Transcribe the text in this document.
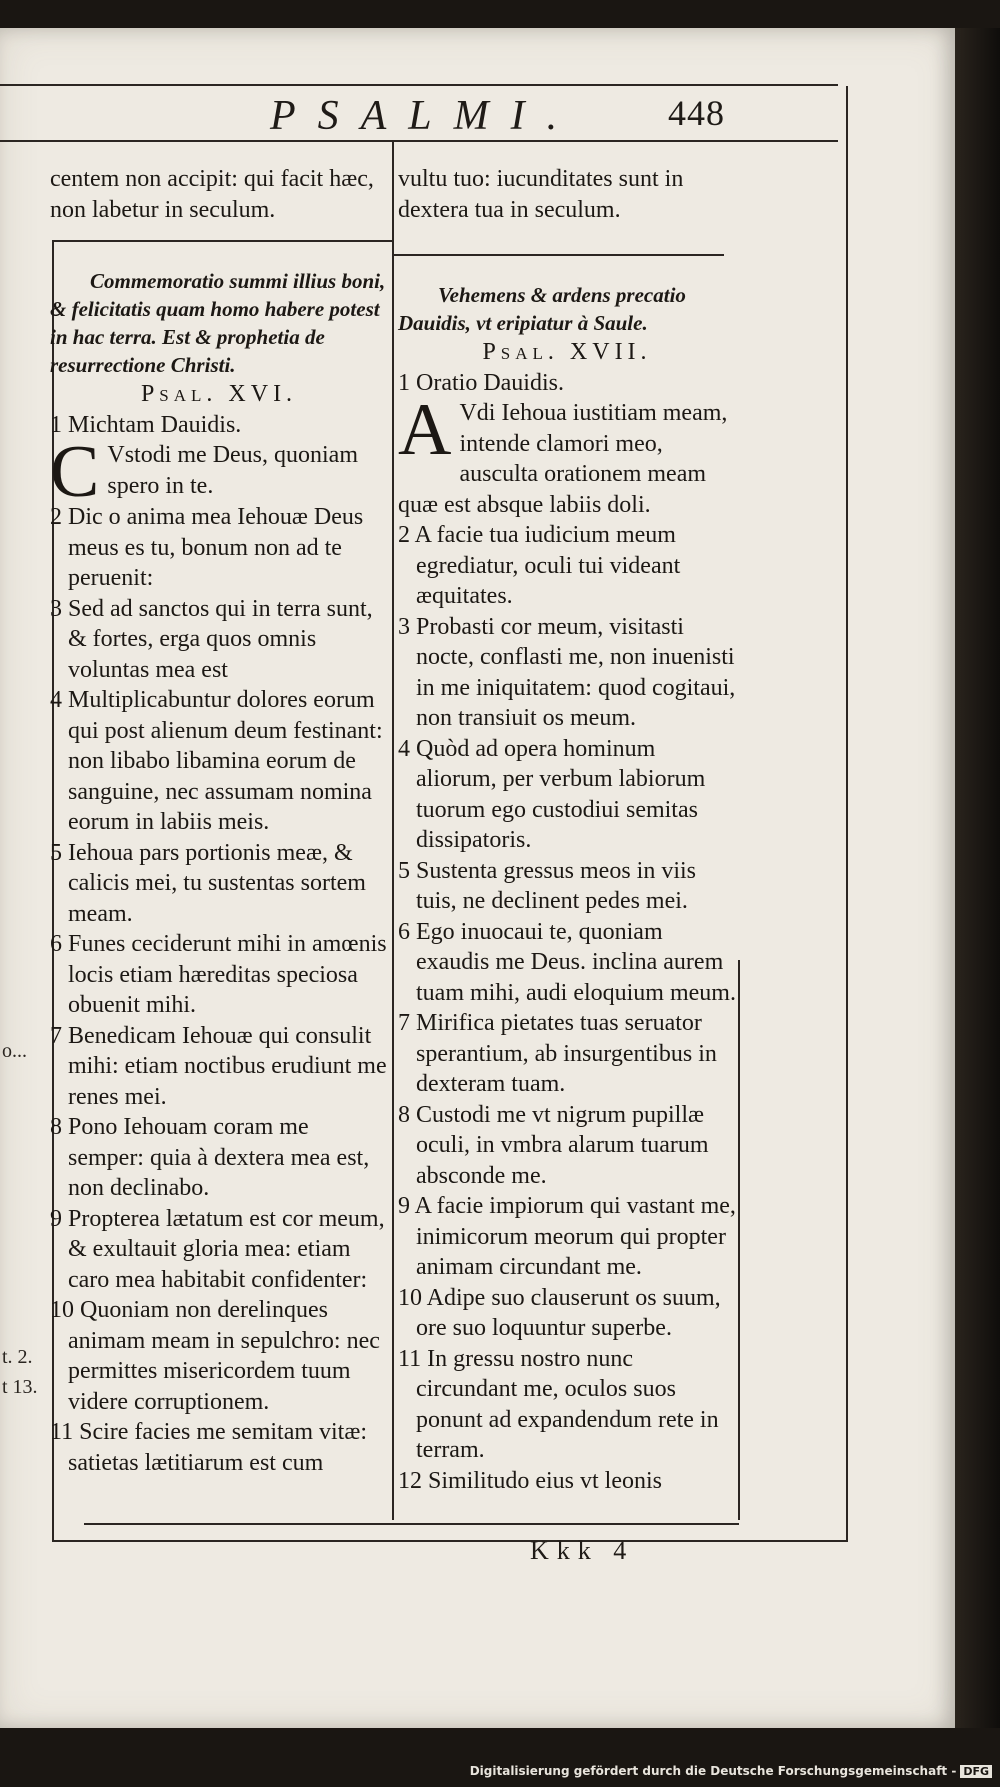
PSALMI. 448

centem non accipit: qui facit hæc, non labetur in seculum.

Commemoratio summi illius boni, & felicitatis quam homo habere potest in hac terra. Est & prophetia de resurrectione Christi.

Psal. XVI.

1 Michtam Dauidis.

C Vstodi me Deus, quoniam spero in te.

2 Dic o anima mea Iehouæ Deus meus es tu, bonum non ad te peruenit:

3 Sed ad sanctos qui in terra sunt, & fortes, erga quos omnis voluntas mea est

4 Multiplicabuntur dolores eorum qui post alienum deum festinant: non libabo libamina eorum de sanguine, nec assumam nomina eorum in labiis meis.

5 Iehoua pars portionis meæ, & calicis mei, tu sustentas sortem meam.

6 Funes ceciderunt mihi in amœnis locis etiam hæreditas speciosa obuenit mihi.

7 Benedicam Iehouæ qui consulit mihi: etiam noctibus erudiunt me renes mei.

8 Pono Iehouam coram me semper: quia à dextera mea est, non declinabo.

9 Propterea lætatum est cor meum, & exultauit gloria mea: etiam caro mea habitabit confidenter:

10 Quoniam non derelinques animam meam in sepulchro: nec permittes misericordem tuum videre corruptionem.

11 Scire facies me semitam vitæ: satietas lætitiarum est cum

vultu tuo: iucunditates sunt in dextera tua in seculum.

Vehemens & ardens precatio Dauidis, vt eripiatur à Saule.

Psal. XVII.

1 Oratio Dauidis.

A Vdi Iehoua iustitiam meam, intende clamori meo, ausculta orationem meam quæ est absque labiis doli.

2 A facie tua iudicium meum egrediatur, oculi tui videant æquitates.

3 Probasti cor meum, visitasti nocte, conflasti me, non inuenisti in me iniquitatem: quod cogitaui, non transiuit os meum.

4 Quòd ad opera hominum aliorum, per verbum labiorum tuorum ego custodiui semitas dissipatoris.

5 Sustenta gressus meos in viis tuis, ne declinent pedes mei.

6 Ego inuocaui te, quoniam exaudis me Deus. inclina aurem tuam mihi, audi eloquium meum.

7 Mirifica pietates tuas seruator sperantium, ab insurgentibus in dexteram tuam.

8 Custodi me vt nigrum pupillæ oculi, in vmbra alarum tuarum absconde me.

9 A facie impiorum qui vastant me, inimicorum meorum qui propter animam circundant me.

10 Adipe suo clauserunt os suum, ore suo loquuntur superbe.

11 In gressu nostro nunc circundant me, oculos suos ponunt ad expandendum rete in terram.

12 Similitudo eius vt leonis

o...
t. 2.
t 13.
Kkk 4
Digitalisierung gefördert durch die Deutsche Forschungsgemeinschaft - DFG
